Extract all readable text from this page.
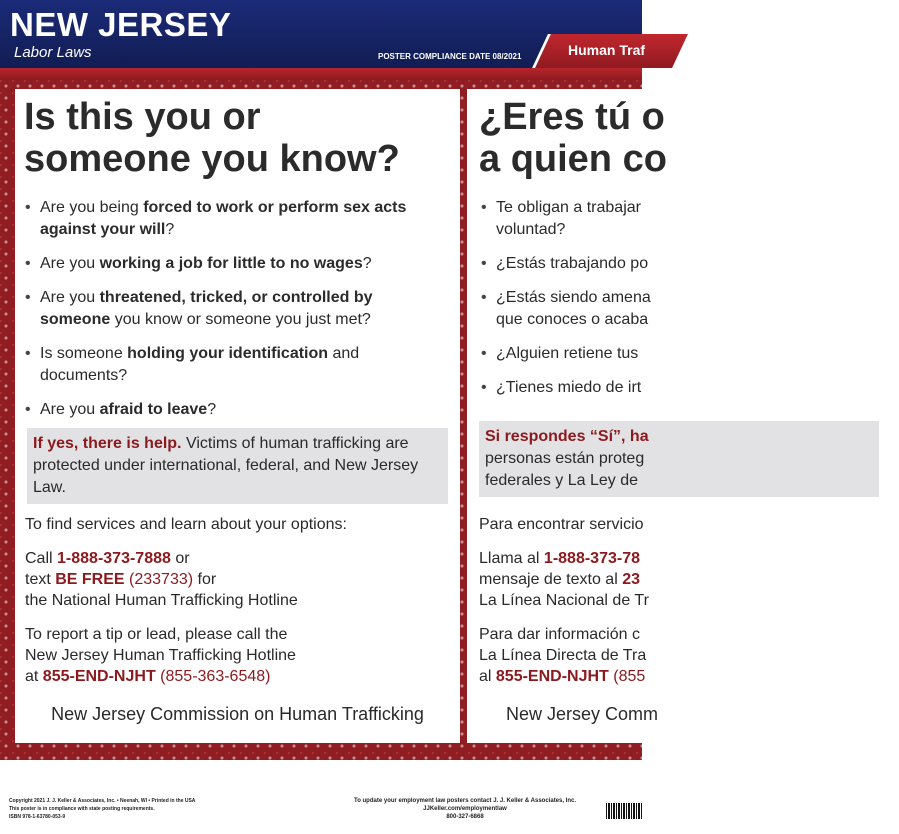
NEW JERSEY
Labor Laws	POSTER COMPLIANCE DATE 08/2021	Human Traf
Is this you or
someone you know?
• Are you being forced to work or perform sex acts against your will?
• Are you working a job for little to no wages?
• Are you threatened, tricked, or controlled by someone you know or someone you just met?
• Is someone holding your identification and documents?
• Are you afraid to leave?
If yes, there is help. Victims of human trafficking are protected under international, federal, and New Jersey Law.
To find services and learn about your options:
Call 1-888-373-7888 or
text BE FREE (233733) for
the National Human Trafficking Hotline
To report a tip or lead, please call the
New Jersey Human Trafficking Hotline
at 855-END-NJHT (855-363-6548)
New Jersey Commission on Human Trafficking
¿Eres tú o
a quien co
• Te obligan a trabajar
voluntad?
• ¿Estás trabajando po
• ¿Estás siendo amena
que conoces o acaba
• ¿Alguien retiene tus
• ¿Tienes miedo de irt
Si respondes “Sí”, ha
personas están proteg
federales y La Ley de
Para encontrar servicio
Llama al 1-888-373-78
mensaje de texto al 23
La Línea Nacional de Tr
Para dar información c
La Línea Directa de Tra
al 855-END-NJHT (855
New Jersey Comm
Copyright 2021 J. J. Keller & Associates, Inc. • Neenah, WI • Printed in the USA
This poster is in compliance with state posting requirements.
ISBN 978-1-63780-053-9
To update your employment law posters contact J. J. Keller & Associates, Inc.
JJKeller.com/employmentlaw
800-327-6868
